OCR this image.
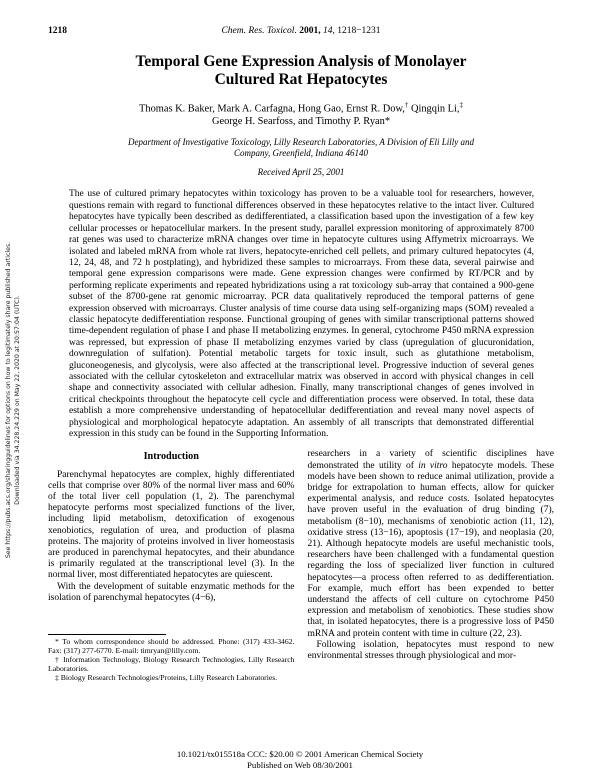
See https://pubs.acs.org/sharingguidelines for options on how to legitimately share published articles. Downloaded via 34.228.24.229 on May 22, 2020 at 20:57:04 (UTC).
1218	Chem. Res. Toxicol. 2001, 14, 1218−1231
Temporal Gene Expression Analysis of Monolayer
Cultured Rat Hepatocytes
Thomas K. Baker, Mark A. Carfagna, Hong Gao, Ernst R. Dow,† Qingqin Li,‡
George H. Searfoss, and Timothy P. Ryan*
Department of Investigative Toxicology, Lilly Research Laboratories, A Division of Eli Lilly and
Company, Greenfield, Indiana 46140
Received April 25, 2001

The use of cultured primary hepatocytes within toxicology has proven to be a valuable tool for researchers, however, questions remain with regard to functional differences observed in these hepatocytes relative to the intact liver. Cultured hepatocytes have typically been described as dedifferentiated, a classification based upon the investigation of a few key cellular processes or hepatocellular markers. In the present study, parallel expression monitoring of approximately 8700 rat genes was used to characterize mRNA changes over time in hepatocyte cultures using Affymetrix microarrays. We isolated and labeled mRNA from whole rat livers, hepatocyte-enriched cell pellets, and primary cultured hepatocytes (4, 12, 24, 48, and 72 h postplating), and hybridized these samples to microarrays. From these data, several pairwise and temporal gene expression comparisons were made. Gene expression changes were confirmed by RT/PCR and by performing replicate experiments and repeated hybridizations using a rat toxicology sub-array that contained a 900-gene subset of the 8700-gene rat genomic microarray. PCR data qualitatively reproduced the temporal patterns of gene expression observed with microarrays. Cluster analysis of time course data using self-organizing maps (SOM) revealed a classic hepatocyte dedifferentiation response. Functional grouping of genes with similar transcriptional patterns showed time-dependent regulation of phase I and phase II metabolizing enzymes. In general, cytochrome P450 mRNA expression was repressed, but expression of phase II metabolizing enzymes varied by class (upregulation of glucuronidation, downregulation of sulfation). Potential metabolic targets for toxic insult, such as glutathione metabolism, gluconeogenesis, and glycolysis, were also affected at the transcriptional level. Progressive induction of several genes associated with the cellular cytoskeleton and extracellular matrix was observed in accord with physical changes in cell shape and connectivity associated with cellular adhesion. Finally, many transcriptional changes of genes involved in critical checkpoints throughout the hepatocyte cell cycle and differentiation process were observed. In total, these data establish a more comprehensive understanding of hepatocellular dedifferentiation and reveal many novel aspects of physiological and morphological hepatocyte adaptation. An assembly of all transcripts that demonstrated differential expression in this study can be found in the Supporting Information.

Introduction

Parenchymal hepatocytes are complex, highly differentiated cells that comprise over 80% of the normal liver mass and 60% of the total liver cell population (1, 2). The parenchymal hepatocyte performs most specialized functions of the liver, including lipid metabolism, detoxification of exogenous xenobiotics, regulation of urea, and production of plasma proteins. The majority of proteins involved in liver homeostasis are produced in parenchymal hepatocytes, and their abundance is primarily regulated at the transcriptional level (3). In the normal liver, most differentiated hepatocytes are quiescent.

With the development of suitable enzymatic methods for the isolation of parenchymal hepatocytes (4−6),

* To whom correspondence should be addressed. Phone: (317) 433-3462. Fax: (317) 277-6770. E-mail: timryan@lilly.com.

† Information Technology, Biology Research Technologies, Lilly Research Laboratories.

‡ Biology Research Technologies/Proteins, Lilly Research Laboratories.

researchers in a variety of scientific disciplines have demonstrated the utility of in vitro hepatocyte models. These models have been shown to reduce animal utilization, provide a bridge for extrapolation to human effects, allow for quicker experimental analysis, and reduce costs. Isolated hepatocytes have proven useful in the evaluation of drug binding (7), metabolism (8−10), mechanisms of xenobiotic action (11, 12), oxidative stress (13−16), apoptosis (17−19), and neoplasia (20, 21). Although hepatocyte models are useful mechanistic tools, researchers have been challenged with a fundamental question regarding the loss of specialized liver function in cultured hepatocytes—a process often referred to as dedifferentiation. For example, much effort has been expended to better understand the affects of cell culture on cytochrome P450 expression and metabolism of xenobiotics. These studies show that, in isolated hepatocytes, there is a progressive loss of P450 mRNA and protein content with time in culture (22, 23).

Following isolation, hepatocytes must respond to new environmental stresses through physiological and mor-

10.1021/tx015518a CCC: $20.00 © 2001 American Chemical Society
Published on Web 08/30/2001
